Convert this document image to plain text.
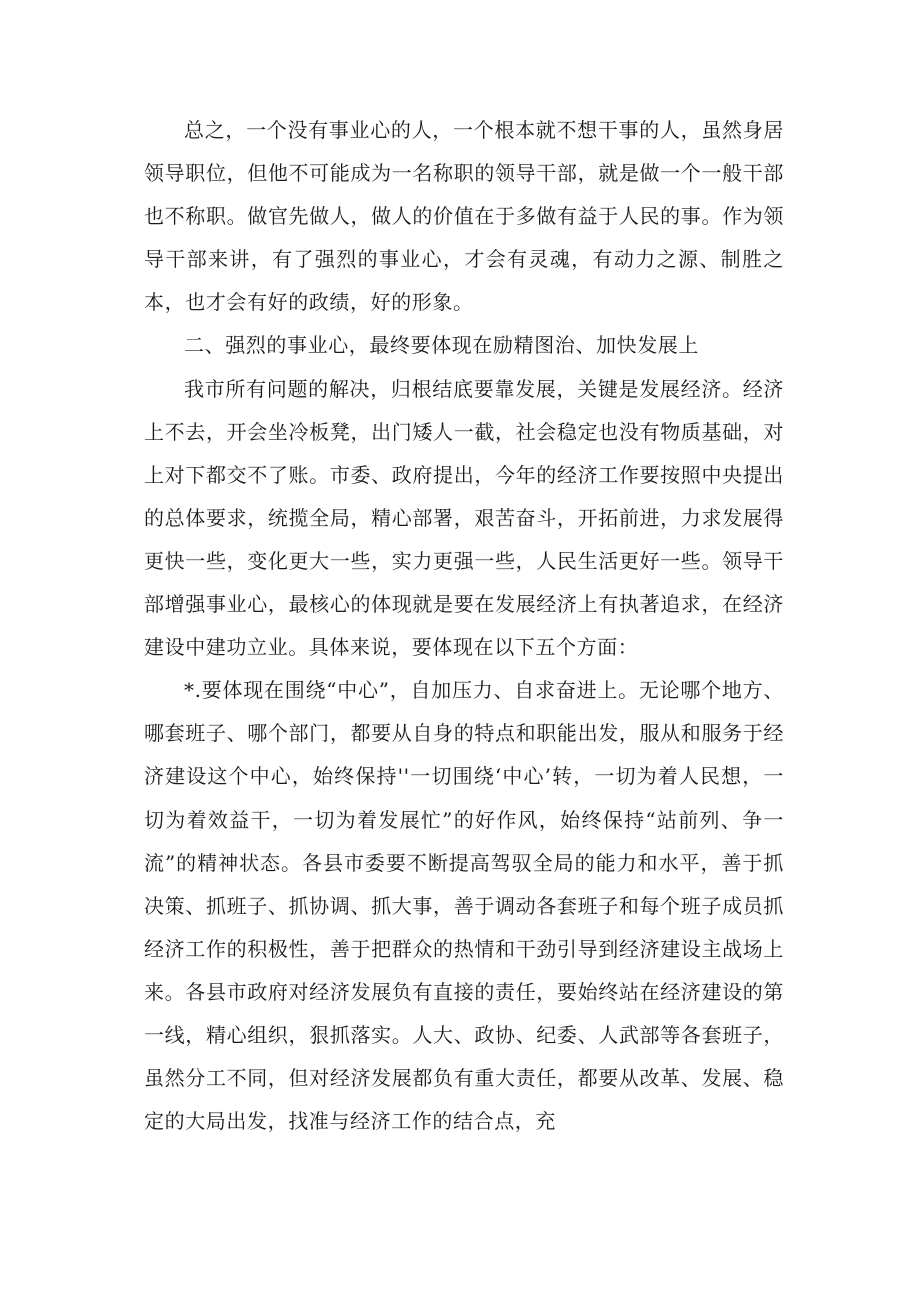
总之，一个没有事业心的人，一个根本就不想干事的人，虽然身居领导职位，但他不可能成为一名称职的领导干部，就是做一个一般干部也不称职。做官先做人，做人的价值在于多做有益于人民的事。作为领导干部来讲，有了强烈的事业心，才会有灵魂，有动力之源、制胜之本，也才会有好的政绩，好的形象。

二、强烈的事业心，最终要体现在励精图治、加快发展上

我市所有问题的解决，归根结底要靠发展，关键是发展经济。经济上不去，开会坐冷板凳，出门矮人一截，社会稳定也没有物质基础，对上对下都交不了账。市委、政府提出，今年的经济工作要按照中央提出的总体要求，统揽全局，精心部署，艰苦奋斗，开拓前进，力求发展得更快一些，变化更大一些，实力更强一些，人民生活更好一些。领导干部增强事业心，最核心的体现就是要在发展经济上有执著追求，在经济建设中建功立业。具体来说，要体现在以下五个方面：

*.要体现在围绕“中心”，自加压力、自求奋进上。无论哪个地方、哪套班子、哪个部门，都要从自身的特点和职能出发，服从和服务于经济建设这个中心，始终保持''一切围绕‘中心’转，一切为着人民想，一切为着效益干，一切为着发展忙”的好作风，始终保持“站前列、争一流”的精神状态。各县市委要不断提高驾驭全局的能力和水平，善于抓决策、抓班子、抓协调、抓大事，善于调动各套班子和每个班子成员抓经济工作的积极性，善于把群众的热情和干劲引导到经济建设主战场上来。各县市政府对经济发展负有直接的责任，要始终站在经济建设的第一线，精心组织，狠抓落实。人大、政协、纪委、人武部等各套班子，虽然分工不同，但对经济发展都负有重大责任，都要从改革、发展、稳定的大局出发，找准与经济工作的结合点，充
